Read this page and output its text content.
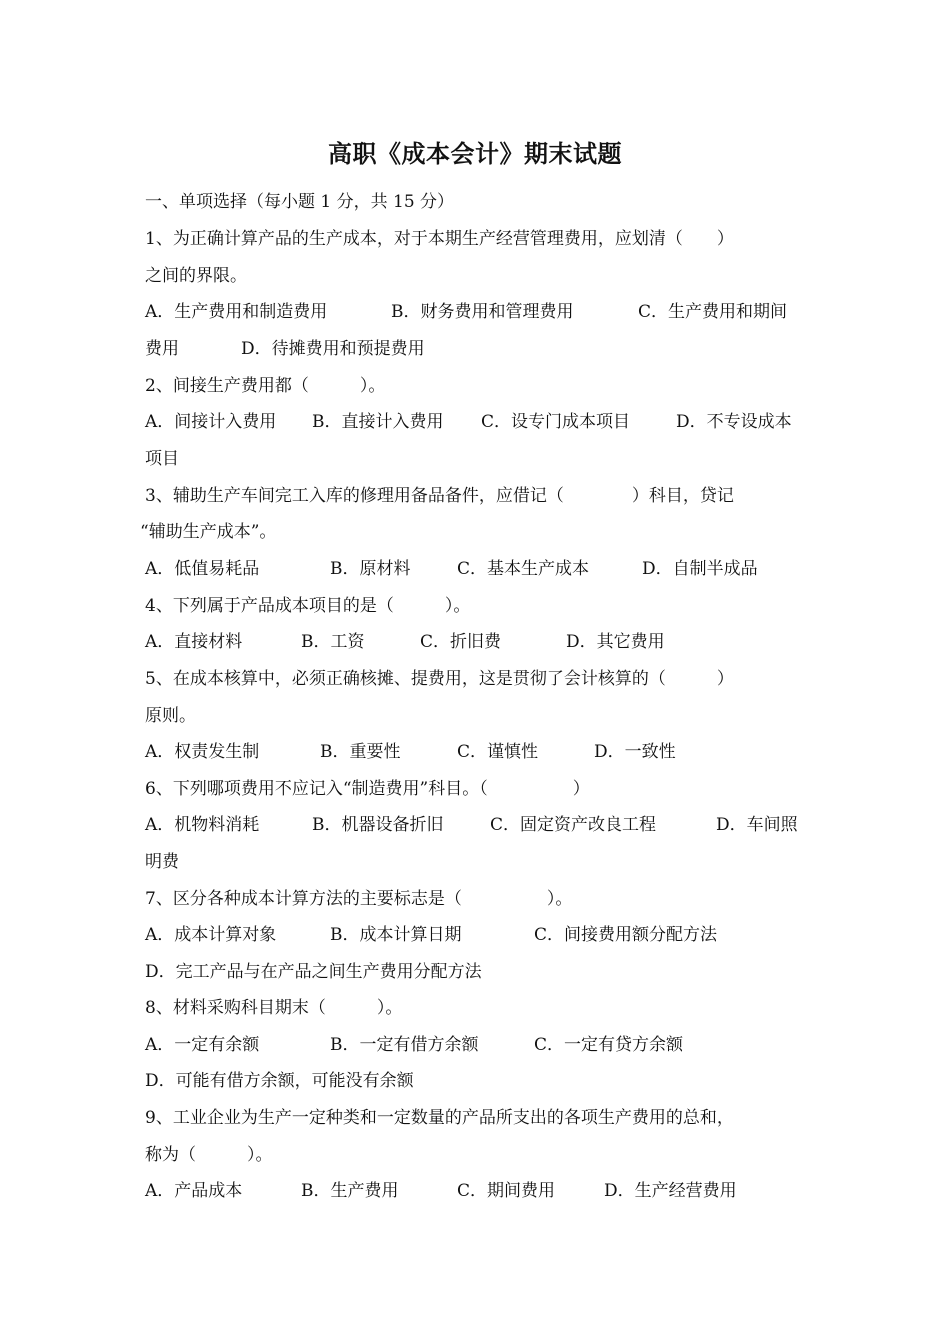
高职《成本会计》期末试题
一、单项选择（每小题 1 分，共 15 分）
1、为正确计算产品的生产成本，对于本期生产经营管理费用，应划清（　　）
之间的界限。
A．生产费用和制造费用	B．财务费用和管理费用	C．生产费用和期间
费用	D．待摊费用和预提费用
2、间接生产费用都（　　　）。
A．间接计入费用 B．直接计入费用 C．设专门成本项目	D．不专设成本
项目
3、辅助生产车间完工入库的修理用备品备件，应借记（　　　　）科目，贷记
“辅助生产成本”。
A．低值易耗品	B．原材料	C．基本生产成本	D．自制半成品
4、下列属于产品成本项目的是（　　　）。
A．直接材料	B．工资	C．折旧费	D．其它费用
5、在成本核算中，必须正确核摊、提费用，这是贯彻了会计核算的（　　　）
原则。
A．权责发生制	B．重要性	C．谨慎性	D．一致性
6、下列哪项费用不应记入“制造费用”科目。（　　　　　）
A．机物料消耗	B．机器设备折旧	C．固定资产改良工程	D．车间照
明费
7、区分各种成本计算方法的主要标志是（　　　　　）。
A．成本计算对象	B．成本计算日期	C．间接费用额分配方法
D．完工产品与在产品之间生产费用分配方法
8、材料采购科目期末（　　　）。
A．一定有余额	B．一定有借方余额	C．一定有贷方余额
D．可能有借方余额，可能没有余额
9、工业企业为生产一定种类和一定数量的产品所支出的各项生产费用的总和，
称为（　　　）。
A．产品成本	B．生产费用	C．期间费用	D．生产经营费用
